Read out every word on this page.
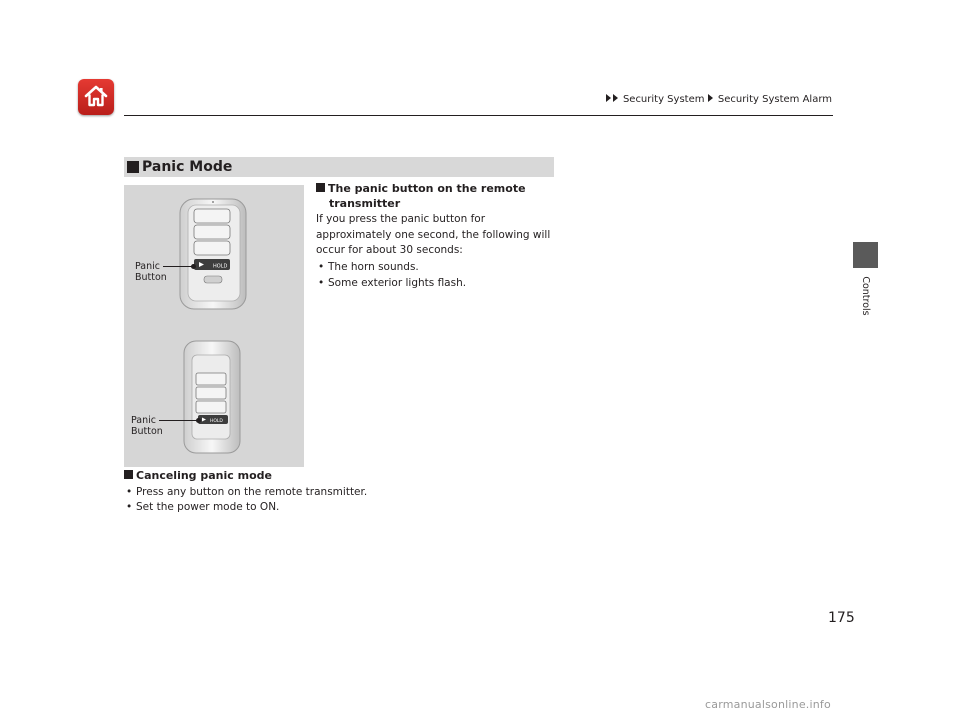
Security System Security System Alarm
Controls
Panic Mode
HOLD
HOLD
Panic
Button
Panic
Button
The panic button on the remote
transmitter
If you press the panic button for
approximately one second, the following will
occur for about 30 seconds:
• The horn sounds.
• Some exterior lights flash.
Canceling panic mode
• Press any button on the remote transmitter.
• Set the power mode to ON.
175
carmanualsonline.info
